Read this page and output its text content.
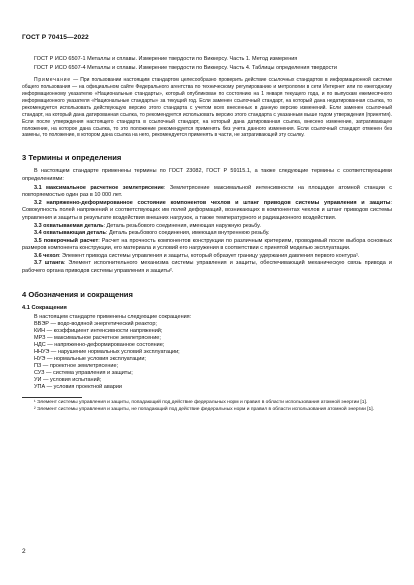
ГОСТ Р 70415—2022

ГОСТ Р ИСО 6507-1 Металлы и сплавы. Измерение твердости по Виккерсу. Часть 1. Метод измерения

ГОСТ Р ИСО 6507-4 Металлы и сплавы. Измерение твердости по Виккерсу. Часть 4. Таблицы определения твердости

Примечание — При пользовании настоящим стандартом целесообразно проверить действие ссылочных стандартов в информационной системе общего пользования — на официальном сайте Федерального агентства по техническому регулированию и метрологии в сети Интернет или по ежегодному информационному указателю «Национальные стандарты», который опубликован по состоянию на 1 января текущего года, и по выпускам ежемесячного информационного указателя «Национальные стандарты» за текущий год. Если заменен ссылочный стандарт, на который дана недатированная ссылка, то рекомендуется использовать действующую версию этого стандарта с учетом всех внесенных в данную версию изменений. Если заменен ссылочный стандарт, на который дана датированная ссылка, то рекомендуется использовать версию этого стандарта с указанным выше годом утверждения (принятия). Если после утверждения настоящего стандарта в ссылочный стандарт, на который дана датированная ссылка, внесено изменение, затрагивающее положение, на которое дана ссылка, то это положение рекомендуется применять без учета данного изменения. Если ссылочный стандарт отменен без замены, то положение, в котором дана ссылка на него, рекомендуется применять в части, не затрагивающей эту ссылку.

3 Термины и определения

В настоящем стандарте применены термины по ГОСТ 23082, ГОСТ Р 59115.1, а также следующие термины с соответствующими определениями:

3.1 максимальное расчетное землетрясение: Землетрясение максимальной интенсивности на площадке атомной станции с повторяемостью один раз в 10 000 лет.

3.2 напряженно-деформированное состояние компонентов чехлов и штанг приводов системы управления и защиты: Совокупность полей напряжений и соответствующих им полей деформаций, возникающих в компонентах чехлов и штанг приводов системы управления и защиты в результате воздействия внешних нагрузок, а также температурного и радиационного воздействия.

3.3 охватываемая деталь: Деталь резьбового соединения, имеющая наружную резьбу.

3.4 охватывающая деталь: Деталь резьбового соединения, имеющая внутреннюю резьбу.

3.5 поверочный расчет: Расчет на прочность компонентов конструкции по различным критериям, проводимый после выбора основных размеров компонента конструкции, его материала и условий его нагружения в соответствии с принятой моделью эксплуатации.

3.6 чехол: Элемент привода системы управления и защиты, который образует границу удержания давления первого контура¹.

3.7 штанга: Элемент исполнительного механизма системы управления и защиты, обеспечивающий механическую связь привода и рабочего органа приводов системы управления и защиты².

4 Обозначения и сокращения
4.1 Сокращения

В настоящем стандарте применены следующие сокращения:

ВВЭР — водо-водяной энергетический реактор;

КИН — коэффициент интенсивности напряжений;

МРЗ — максимальное расчетное землетрясение;

НДС — напряженно-деформированное состояние;

ННУЭ — нарушение нормальных условий эксплуатации;

НУЭ — нормальные условия эксплуатации;

ПЗ — проектное землетрясение;

СУЗ — система управления и защиты;

УИ — условия испытаний;

УПА — условия проектной аварии

¹ Элемент системы управления и защиты, попадающий под действие федеральных норм и правил в области использования атомной энергии [1].

² Элемент системы управления и защиты, не попадающий под действие федеральных норм и правил в области использования атомной энергии [1].

2
